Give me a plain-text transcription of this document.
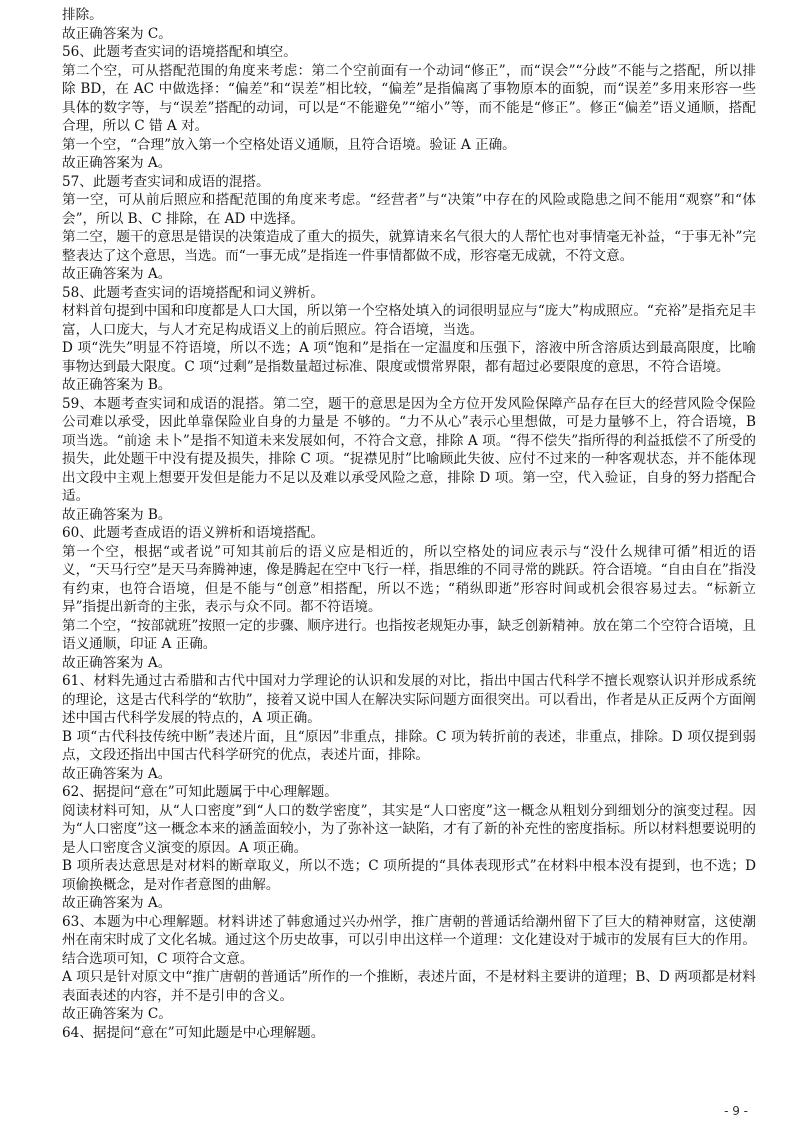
排除。

故正确答案为 C。

56、此题考查实词的语境搭配和填空。

第二个空，可从搭配范围的角度来考虑：第二个空前面有一个动词“修正”，而“误会”“分歧”不能与之搭配，所以排除 BD，在 AC 中做选择：“偏差”和“误差”相比较，“偏差”是指偏离了事物原本的面貌，而“误差”多用来形容一些具体的数字等，与“误差”搭配的动词，可以是“不能避免”“缩小”等，而不能是“修正”。修正“偏差”语义通顺，搭配合理，所以 C 错 A 对。

第一个空，“合理”放入第一个空格处语义通顺，且符合语境。验证 A 正确。

故正确答案为 A。

57、此题考查实词和成语的混搭。

第一空，可从前后照应和搭配范围的角度来考虑。“经营者”与“决策”中存在的风险或隐患之间不能用“观察”和“体会”，所以 B、C 排除，在 AD 中选择。

第二空，题干的意思是错误的决策造成了重大的损失，就算请来名气很大的人帮忙也对事情毫无补益，“于事无补”完整表达了这个意思，当选。而“一事无成”是指连一件事情都做不成，形容毫无成就，不符文意。

故正确答案为 A。

58、此题考查实词的语境搭配和词义辨析。

材料首句提到中国和印度都是人口大国，所以第一个空格处填入的词很明显应与“庞大”构成照应。“充裕”是指充足丰富，人口庞大，与人才充足构成语义上的前后照应。符合语境，当选。

D 项“洗失”明显不符语境，所以不选；A 项“饱和”是指在一定温度和压强下，溶液中所含溶质达到最高限度，比喻事物达到最大限度。C 项“过剩”是指数量超过标准、限度或惯常界限，都有超过必要限度的意思，不符合语境。

故正确答案为 B。

59、本题考查实词和成语的混搭。第二空，题干的意思是因为全方位开发风险保障产品存在巨大的经营风险令保险公司难以承受，因此单靠保险业自身的力量是 不够的。“力不从心”表示心里想做，可是力量够不上，符合语境，B 项当选。“前途 未卜”是指不知道未来发展如何，不符合文意，排除 A 项。“得不偿失”指所得的利益抵偿不了所受的损失，此处题干中没有提及损失，排除 C 项。“捉襟见肘”比喻顾此失彼、应付不过来的一种客观状态，并不能体现出文段中主观上想要开发但是能力不足以及难以承受风险之意，排除 D 项。第一空，代入验证，自身的努力搭配合适。

故正确答案为 B。

60、此题考查成语的语义辨析和语境搭配。

第一个空，根据“或者说”可知其前后的语义应是相近的，所以空格处的词应表示与“没什么规律可循”相近的语义，“天马行空”是天马奔腾神速，像是腾起在空中飞行一样，指思维的不同寻常的跳跃。符合语境。“自由自在”指没有约束，也符合语境，但是不能与“创意”相搭配，所以不选；“稍纵即逝”形容时间或机会很容易过去。“标新立异”指提出新奇的主张，表示与众不同。都不符语境。

第二个空，“按部就班”按照一定的步骤、顺序进行。也指按老规矩办事，缺乏创新精神。放在第二个空符合语境，且语义通顺，印证 A 正确。

故正确答案为 A。

61、材料先通过古希腊和古代中国对力学理论的认识和发展的对比，指出中国古代科学不擅长观察认识并形成系统的理论，这是古代科学的“软肋”，接着又说中国人在解决实际问题方面很突出。可以看出，作者是从正反两个方面阐述中国古代科学发展的特点的，A 项正确。

B 项“古代科技传统中断”表述片面，且“原因”非重点，排除。C 项为转折前的表述，非重点，排除。D 项仅提到弱点，文段还指出中国古代科学研究的优点，表述片面，排除。

故正确答案为 A。

62、据提问“意在”可知此题属于中心理解题。

阅读材料可知，从“人口密度”到“人口的数学密度”，其实是“人口密度”这一概念从粗划分到细划分的演变过程。因为“人口密度”这一概念本来的涵盖面较小，为了弥补这一缺陷，才有了新的补充性的密度指标。所以材料想要说明的是人口密度含义演变的原因。A 项正确。

B 项所表达意思是对材料的断章取义，所以不选；C 项所提的“具体表现形式”在材料中根本没有提到，也不选；D 项偷换概念，是对作者意图的曲解。

故正确答案为 A。

63、本题为中心理解题。材料讲述了韩愈通过兴办州学，推广唐朝的普通话给潮州留下了巨大的精神财富，这使潮州在南宋时成了文化名城。通过这个历史故事，可以引申出这样一个道理：文化建设对于城市的发展有巨大的作用。结合选项可知，C 项符合文意。

A 项只是针对原文中“推广唐朝的普通话”所作的一个推断，表述片面，不是材料主要讲的道理；B、D 两项都是材料表面表述的内容，并不是引申的含义。

故正确答案为 C。

64、据提问“意在”可知此题是中心理解题。

- 9 -
